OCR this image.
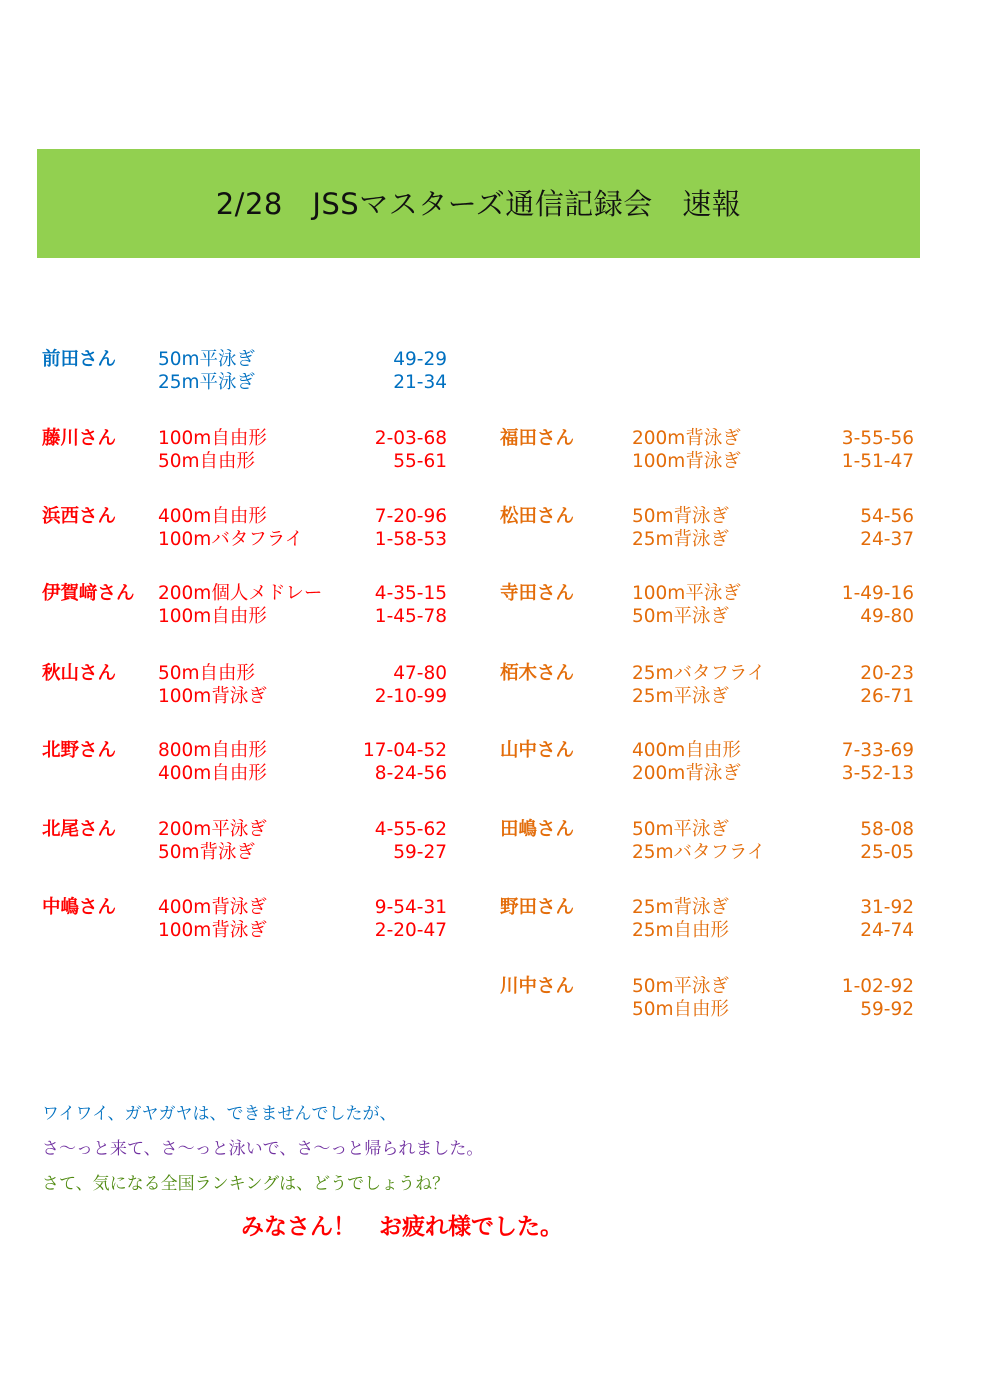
2/28　JSSマスターズ通信記録会　速報
前田さん 50m平泳ぎ	49-29
25m平泳ぎ	21-34
藤川さん 100m自由形	2-03-68
50m自由形	55-61
浜西さん 400m自由形	7-20-96
100mバタフライ	1-58-53
伊賀﨑さん 200m個人メドレー	4-35-15
100m自由形	1-45-78
秋山さん 50m自由形	47-80
100m背泳ぎ	2-10-99
北野さん 800m自由形	17-04-52
400m自由形	8-24-56
北尾さん 200m平泳ぎ	4-55-62
50m背泳ぎ	59-27
中嶋さん 400m背泳ぎ	9-54-31
100m背泳ぎ	2-20-47
福田さん	200m背泳ぎ	3-55-56
100m背泳ぎ	1-51-47
松田さん	50m背泳ぎ	54-56
25m背泳ぎ	24-37
寺田さん	100m平泳ぎ	1-49-16
50m平泳ぎ	49-80
栢木さん	25mバタフライ	20-23
25m平泳ぎ	26-71
山中さん	400m自由形	7-33-69
200m背泳ぎ	3-52-13
田嶋さん	50m平泳ぎ	58-08
25mバタフライ	25-05
野田さん	25m背泳ぎ	31-92
25m自由形	24-74
川中さん	50m平泳ぎ	1-02-92
50m自由形	59-92
ワイワイ、ガヤガヤは、できませんでしたが、
さ～っと来て、さ～っと泳いで、さ～っと帰られました。
さて、気になる全国ランキングは、どうでしょうね？
みなさん！　お疲れ様でした。
